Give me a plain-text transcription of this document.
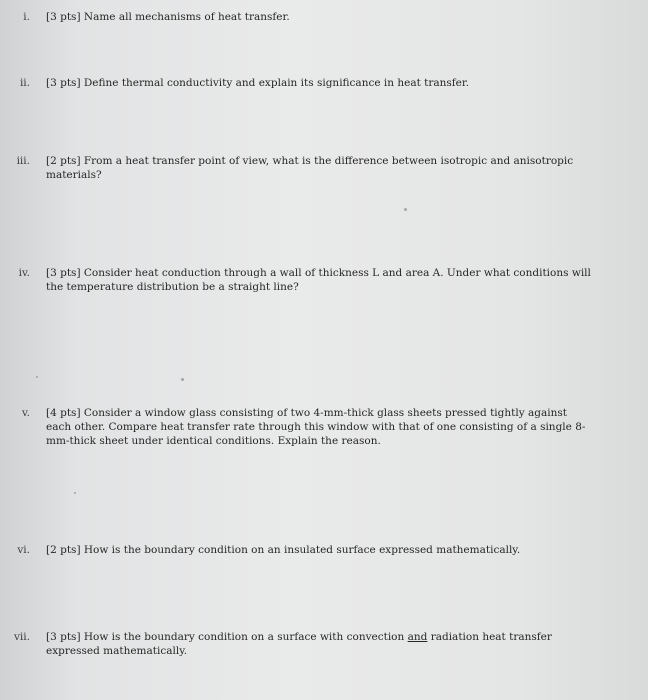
i. [3 pts] Name all mechanisms of heat transfer.
ii. [3 pts] Define thermal conductivity and explain its significance in heat transfer.
iii. [2 pts] From a heat transfer point of view, what is the difference between isotropic and anisotropic materials?
iv. [3 pts] Consider heat conduction through a wall of thickness L and area A. Under what conditions will the temperature distribution be a straight line?
v. [4 pts] Consider a window glass consisting of two 4-mm-thick glass sheets pressed tightly against each other. Compare heat transfer rate through this window with that of one consisting of a single 8-mm-thick sheet under identical conditions. Explain the reason.
vi. [2 pts] How is the boundary condition on an insulated surface expressed mathematically.
vii. [3 pts] How is the boundary condition on a surface with convection and radiation heat transfer expressed mathematically.
